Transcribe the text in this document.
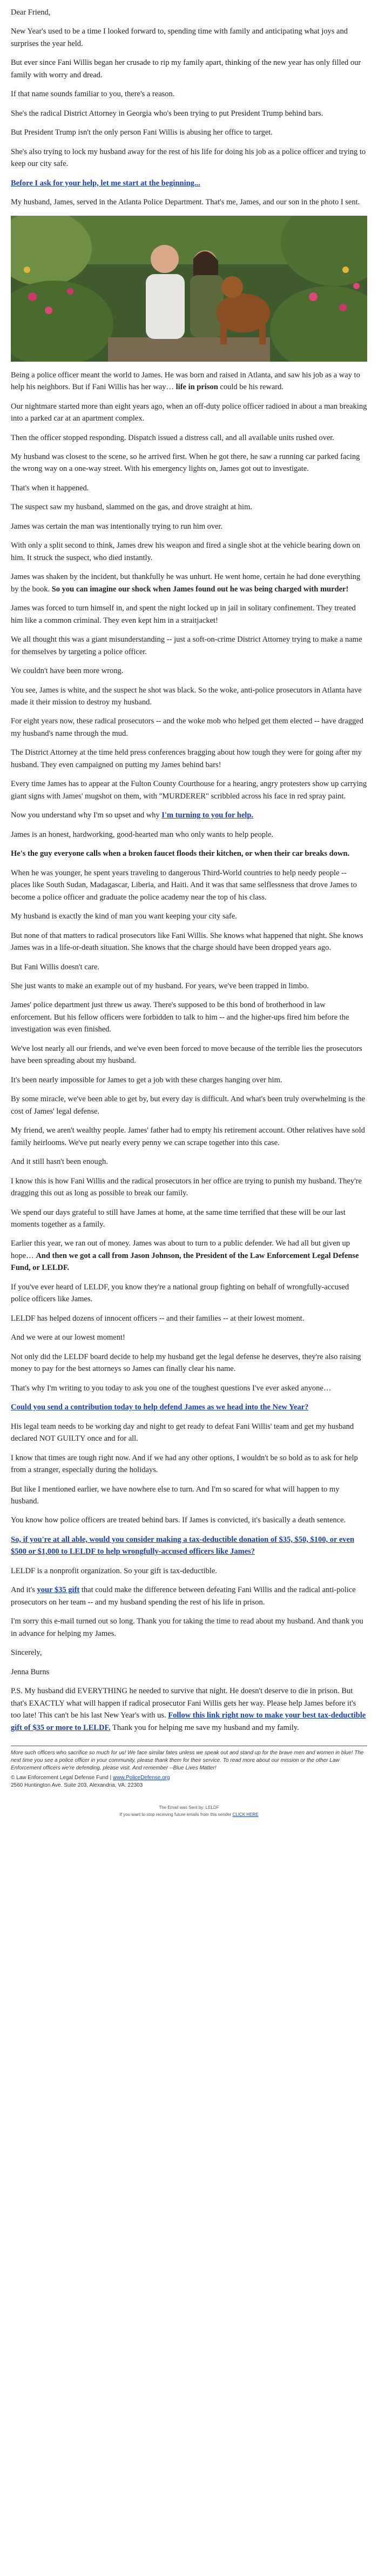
Dear Friend,

New Year's used to be a time I looked forward to, spending time with family and anticipating what joys and surprises the year held.

But ever since Fani Willis began her crusade to rip my family apart, thinking of the new year has only filled our family with worry and dread.

If that name sounds familiar to you, there's a reason.

She's the radical District Attorney in Georgia who's been trying to put President Trump behind bars.

But President Trump isn't the only person Fani Willis is abusing her office to target.

She's also trying to lock my husband away for the rest of his life for doing his job as a police officer and trying to keep our city safe.

Before I ask for your help, let me start at the beginning...

My husband, James, served in the Atlanta Police Department. That's me, James, and our son in the photo I sent.

Being a police officer meant the world to James. He was born and raised in Atlanta, and saw his job as a way to help his neighbors. But if Fani Willis has her way… life in prison could be his reward.

Our nightmare started more than eight years ago, when an off-duty police officer radioed in about a man breaking into a parked car at an apartment complex.

Then the officer stopped responding. Dispatch issued a distress call, and all available units rushed over.

My husband was closest to the scene, so he arrived first. When he got there, he saw a running car parked facing the wrong way on a one-way street. With his emergency lights on, James got out to investigate.

That's when it happened.

The suspect saw my husband, slammed on the gas, and drove straight at him.

James was certain the man was intentionally trying to run him over.

With only a split second to think, James drew his weapon and fired a single shot at the vehicle bearing down on him. It struck the suspect, who died instantly.

James was shaken by the incident, but thankfully he was unhurt. He went home, certain he had done everything by the book. So you can imagine our shock when James found out he was being charged with murder!

James was forced to turn himself in, and spent the night locked up in jail in solitary confinement. They treated him like a common criminal. They even kept him in a straitjacket!

We all thought this was a giant misunderstanding -- just a soft-on-crime District Attorney trying to make a name for themselves by targeting a police officer.

We couldn't have been more wrong.

You see, James is white, and the suspect he shot was black. So the woke, anti-police prosecutors in Atlanta have made it their mission to destroy my husband.

For eight years now, these radical prosecutors -- and the woke mob who helped get them elected -- have dragged my husband's name through the mud.

The District Attorney at the time held press conferences bragging about how tough they were for going after my husband. They even campaigned on putting my James behind bars!

Every time James has to appear at the Fulton County Courthouse for a hearing, angry protesters show up carrying giant signs with James' mugshot on them, with "MURDERER" scribbled across his face in red spray paint.

Now you understand why I'm so upset and why I'm turning to you for help.

James is an honest, hardworking, good-hearted man who only wants to help people.

He's the guy everyone calls when a broken faucet floods their kitchen, or when their car breaks down.

When he was younger, he spent years traveling to dangerous Third-World countries to help needy people -- places like South Sudan, Madagascar, Liberia, and Haiti. And it was that same selflessness that drove James to become a police officer and graduate the police academy near the top of his class.

My husband is exactly the kind of man you want keeping your city safe.

But none of that matters to radical prosecutors like Fani Willis. She knows what happened that night. She knows James was in a life-or-death situation. She knows that the charge should have been dropped years ago.

But Fani Willis doesn't care.

She just wants to make an example out of my husband. For years, we've been trapped in limbo.

James' police department just threw us away. There's supposed to be this bond of brotherhood in law enforcement. But his fellow officers were forbidden to talk to him -- and the higher-ups fired him before the investigation was even finished.

We've lost nearly all our friends, and we've even been forced to move because of the terrible lies the prosecutors have been spreading about my husband.

It's been nearly impossible for James to get a job with these charges hanging over him.

By some miracle, we've been able to get by, but every day is difficult. And what's been truly overwhelming is the cost of James' legal defense.

My friend, we aren't wealthy people. James' father had to empty his retirement account. Other relatives have sold family heirlooms. We've put nearly every penny we can scrape together into this case.

And it still hasn't been enough.

I know this is how Fani Willis and the radical prosecutors in her office are trying to punish my husband. They're dragging this out as long as possible to break our family.

We spend our days grateful to still have James at home, at the same time terrified that these will be our last moments together as a family.

Earlier this year, we ran out of money. James was about to turn to a public defender. We had all but given up hope… And then we got a call from Jason Johnson, the President of the Law Enforcement Legal Defense Fund, or LELDF.

If you've ever heard of LELDF, you know they're a national group fighting on behalf of wrongfully-accused police officers like James.

LELDF has helped dozens of innocent officers -- and their families -- at their lowest moment.

And we were at our lowest moment!

Not only did the LELDF board decide to help my husband get the legal defense he deserves, they're also raising money to pay for the best attorneys so James can finally clear his name.

That's why I'm writing to you today to ask you one of the toughest questions I've ever asked anyone…

Could you send a contribution today to help defend James as we head into the New Year?

His legal team needs to be working day and night to get ready to defeat Fani Willis' team and get my husband declared NOT GUILTY once and for all.

I know that times are tough right now. And if we had any other options, I wouldn't be so bold as to ask for help from a stranger, especially during the holidays.

But like I mentioned earlier, we have nowhere else to turn. And I'm so scared for what will happen to my husband.

You know how police officers are treated behind bars. If James is convicted, it's basically a death sentence.

So, if you're at all able, would you consider making a tax-deductible donation of $35, $50, $100, or even $500 or $1,000 to LELDF to help wrongfully-accused officers like James?

LELDF is a nonprofit organization. So your gift is tax-deductible.

And it's your $35 gift that could make the difference between defeating Fani Willis and the radical anti-police prosecutors on her team -- and my husband spending the rest of his life in prison.

I'm sorry this e-mail turned out so long. Thank you for taking the time to read about my husband. And thank you in advance for helping my James.

Sincerely,

Jenna Burns

P.S. My husband did EVERYTHING he needed to survive that night. He doesn't deserve to die in prison. But that's EXACTLY what will happen if radical prosecutor Fani Willis gets her way. Please help James before it's too late! This can't be his last New Year's with us. Follow this link right now to make your best tax-deductible gift of $35 or more to LELDF. Thank you for helping me save my husband and my family.

More such officers who sacrifice so much for us! We face similar fates unless we speak out and stand up for the brave men and women in blue! The next time you see a police officer in your community, please thank them for their service. To read more about our mission or the other Law Enforcement officers we're defending, please visit. And remember --Blue Lives Matter!
© Law Enforcement Legal Defense Fund | www.PoliceDefense.org
2560 Huntington Ave. Suite 203, Alexandria, VA. 22303
The Email was Sent by: LELDF
If you want to stop receiving future emails from this sender CLICK HERE
